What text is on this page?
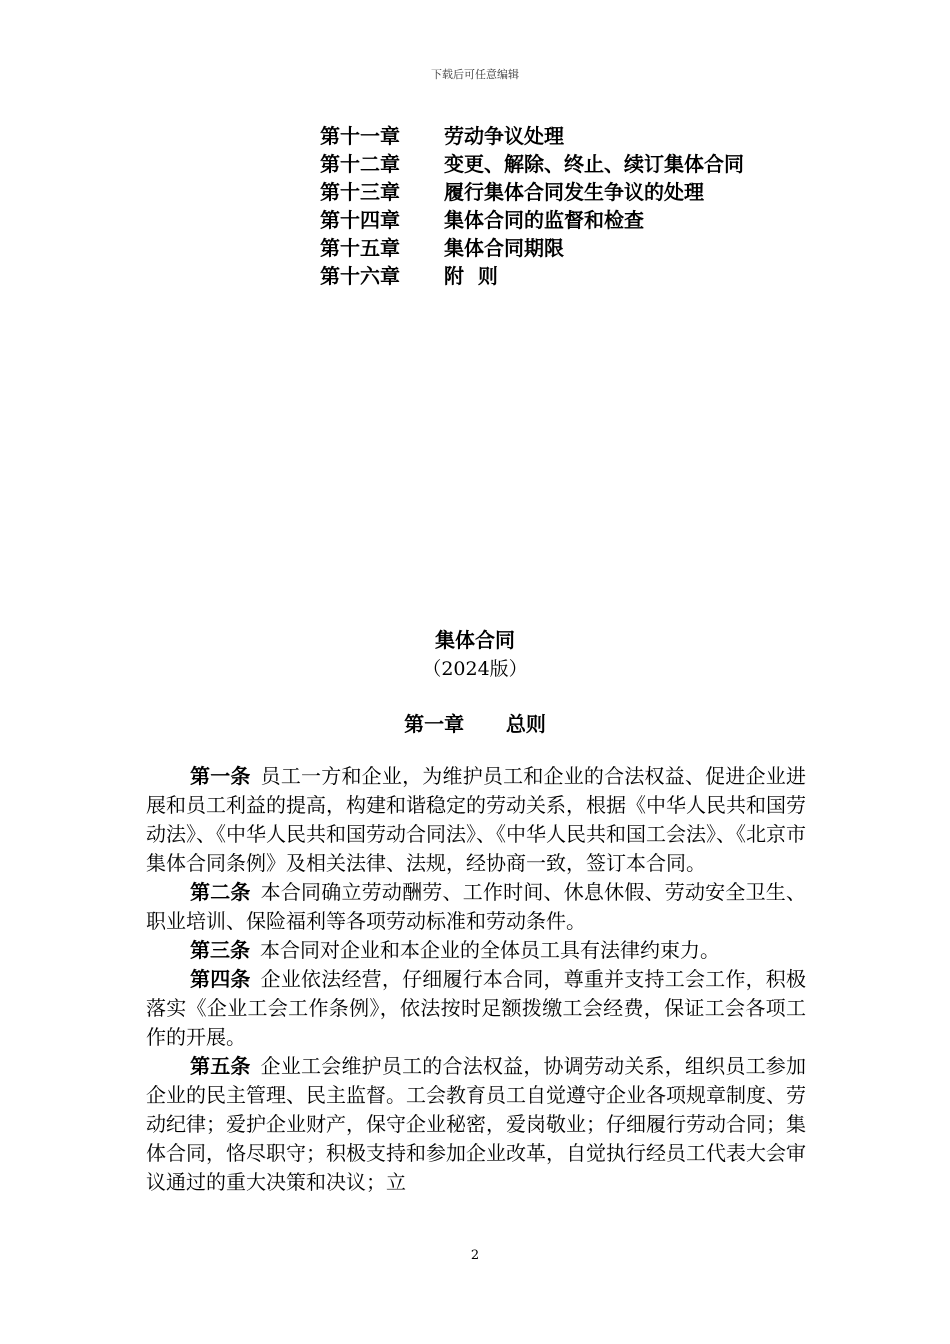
下载后可任意编辑
第十一章 劳动争议处理
第十二章 变更、解除、终止、续订集体合同
第十三章 履行集体合同发生争议的处理
第十四章 集体合同的监督和检查
第十五章 集体合同期限
第十六章 附  则
集体合同
（2024版）
第一章      总则

第一条 员工一方和企业，为维护员工和企业的合法权益、促进企业进展和员工利益的提高，构建和谐稳定的劳动关系，根据《中华人民共和国劳动法》、《中华人民共和国劳动合同法》、《中华人民共和国工会法》、《北京市集体合同条例》及相关法律、法规，经协商一致，签订本合同。

第二条 本合同确立劳动酬劳、工作时间、休息休假、劳动安全卫生、职业培训、保险福利等各项劳动标准和劳动条件。

第三条 本合同对企业和本企业的全体员工具有法律约束力。

第四条 企业依法经营，仔细履行本合同，尊重并支持工会工作，积极落实《企业工会工作条例》，依法按时足额拨缴工会经费，保证工会各项工作的开展。

第五条 企业工会维护员工的合法权益，协调劳动关系，组织员工参加企业的民主管理、民主监督。工会教育员工自觉遵守企业各项规章制度、劳动纪律；爱护企业财产，保守企业秘密，爱岗敬业；仔细履行劳动合同；集体合同，恪尽职守；积极支持和参加企业改革，自觉执行经员工代表大会审议通过的重大决策和决议；立

2
